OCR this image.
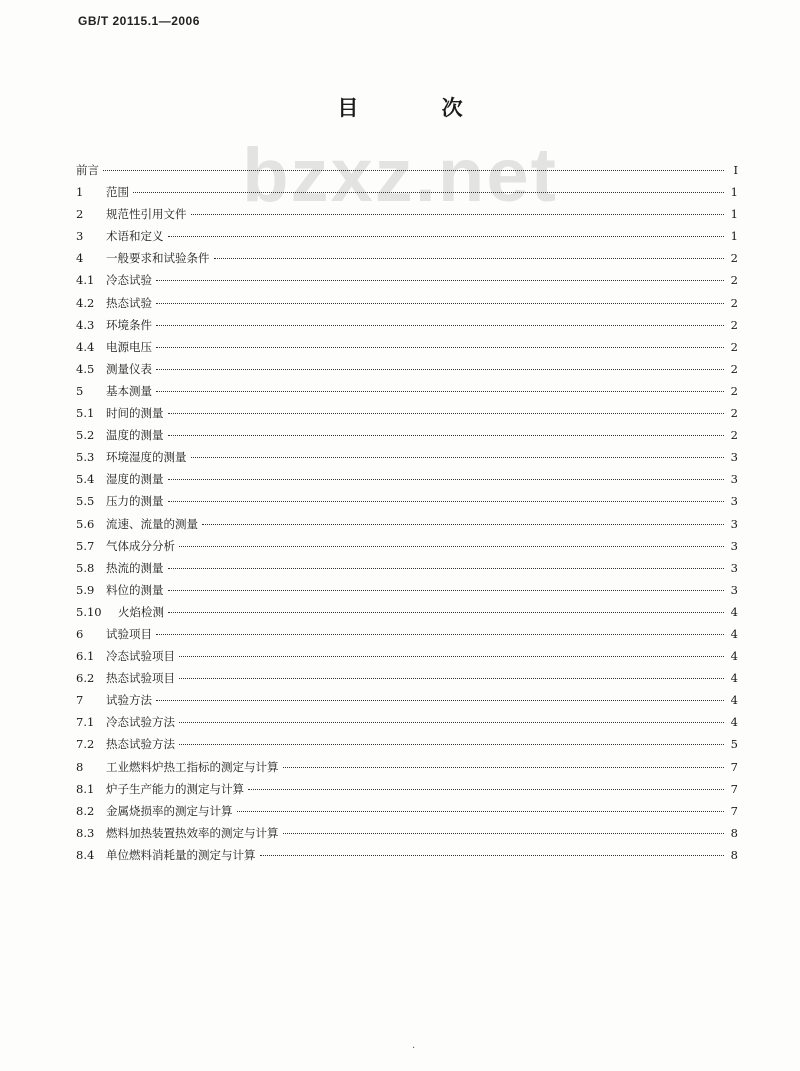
GB/T 20115.1—2006
bzxz.net
目 次
前言	I
1	范围	1
2	规范性引用文件	1
3	术语和定义	1
4	一般要求和试验条件	2
4.1	冷态试验	2
4.2	热态试验	2
4.3	环境条件	2
4.4	电源电压	2
4.5	测量仪表	2
5	基本测量	2
5.1	时间的测量	2
5.2	温度的测量	2
5.3	环境湿度的测量	3
5.4	湿度的测量	3
5.5	压力的测量	3
5.6	流速、流量的测量	3
5.7	气体成分分析	3
5.8	热流的测量	3
5.9	料位的测量	3
5.10	火焰检测	4
6	试验项目	4
6.1	冷态试验项目	4
6.2	热态试验项目	4
7	试验方法	4
7.1	冷态试验方法	4
7.2	热态试验方法	5
8	工业燃料炉热工指标的测定与计算	7
8.1	炉子生产能力的测定与计算	7
8.2	金属烧损率的测定与计算	7
8.3	燃料加热装置热效率的测定与计算	8
8.4	单位燃料消耗量的测定与计算	8
·
